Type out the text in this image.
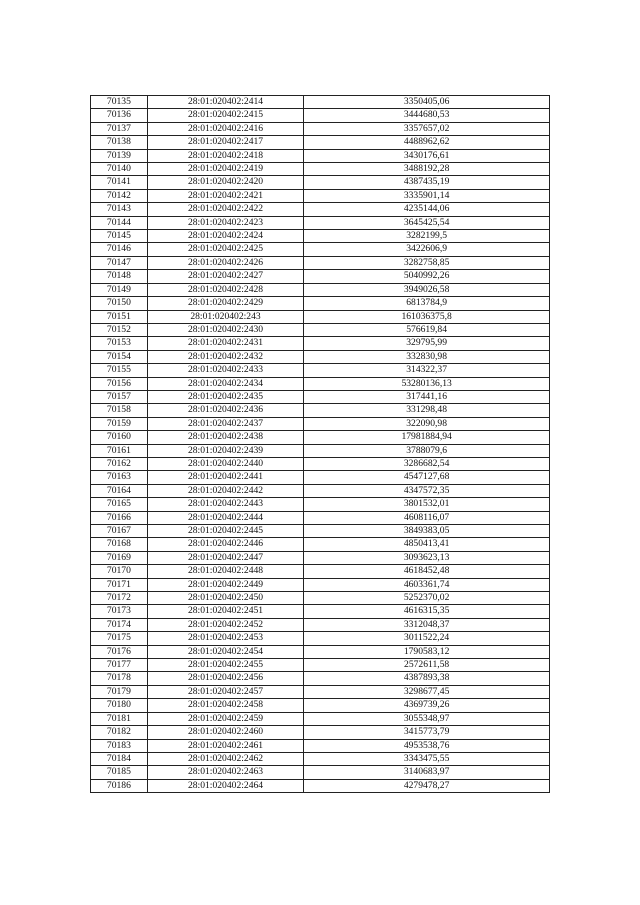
70135	28:01:020402:2414	3350405,06
70136	28:01:020402:2415	3444680,53
70137	28:01:020402:2416	3357657,02
70138	28:01:020402:2417	4488962,62
70139	28:01:020402:2418	3430176,61
70140	28:01:020402:2419	3488192,28
70141	28:01:020402:2420	4387435,19
70142	28:01:020402:2421	3335901,14
70143	28:01:020402:2422	4235144,06
70144	28:01:020402:2423	3645425,54
70145	28:01:020402:2424	3282199,5
70146	28:01:020402:2425	3422606,9
70147	28:01:020402:2426	3282758,85
70148	28:01:020402:2427	5040992,26
70149	28:01:020402:2428	3949026,58
70150	28:01:020402:2429	6813784,9
70151	28:01:020402:243	161036375,8
70152	28:01:020402:2430	576619,84
70153	28:01:020402:2431	329795,99
70154	28:01:020402:2432	332830,98
70155	28:01:020402:2433	314322,37
70156	28:01:020402:2434	53280136,13
70157	28:01:020402:2435	317441,16
70158	28:01:020402:2436	331298,48
70159	28:01:020402:2437	322090,98
70160	28:01:020402:2438	17981884,94
70161	28:01:020402:2439	3788079,6
70162	28:01:020402:2440	3286682,54
70163	28:01:020402:2441	4547127,68
70164	28:01:020402:2442	4347572,35
70165	28:01:020402:2443	3801532,01
70166	28:01:020402:2444	4608116,07
70167	28:01:020402:2445	3849383,05
70168	28:01:020402:2446	4850413,41
70169	28:01:020402:2447	3093623,13
70170	28:01:020402:2448	4618452,48
70171	28:01:020402:2449	4603361,74
70172	28:01:020402:2450	5252370,02
70173	28:01:020402:2451	4616315,35
70174	28:01:020402:2452	3312048,37
70175	28:01:020402:2453	3011522,24
70176	28:01:020402:2454	1790583,12
70177	28:01:020402:2455	2572611,58
70178	28:01:020402:2456	4387893,38
70179	28:01:020402:2457	3298677,45
70180	28:01:020402:2458	4369739,26
70181	28:01:020402:2459	3055348,97
70182	28:01:020402:2460	3415773,79
70183	28:01:020402:2461	4953538,76
70184	28:01:020402:2462	3343475,55
70185	28:01:020402:2463	3140683,97
70186	28:01:020402:2464	4279478,27
